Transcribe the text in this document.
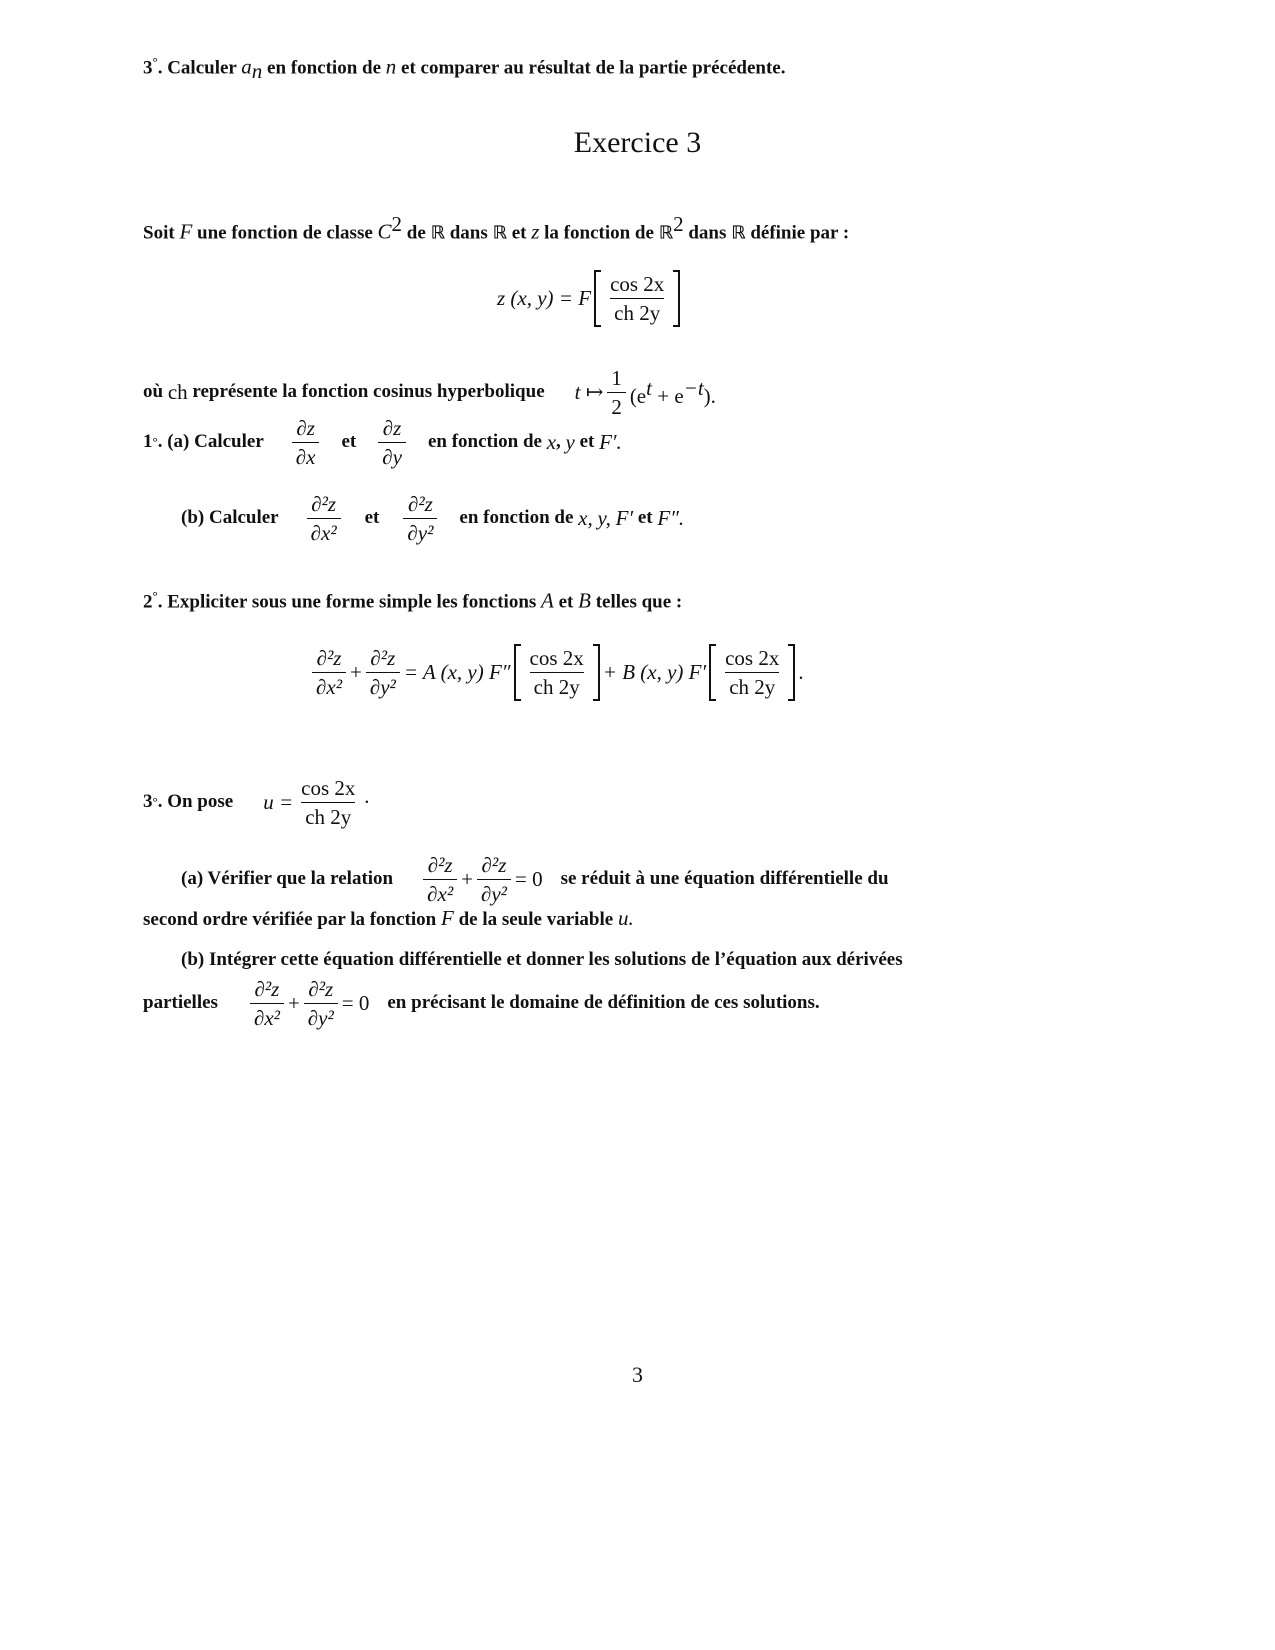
3°. Calculer $a_n$ en fonction de n et comparer au résultat de la partie précédente.
Exercice 3
Soit F une fonction de classe $C^2$ de ℝ dans ℝ et z la fonction de ℝ$^2$ dans ℝ définie par :
z (x, y) = F $\frac{\cos 2x}{ch 2y}$
où
ch
représente la fonction cosinus hyperbolique t ↦ $\frac{1}{2} (e^t + e^{-t})$.
1 ° . (a) Calculer $\frac{\partial z}{\partial x}$ et $\frac{\partial z}{\partial y}$ en fonction de
x ,
y
et
F′.
(b) Calculer $\frac{\text{∂²z}}{\text{∂x²}}$ et $\frac{\text{∂²z}}{\text{∂y²}}$ en fonction de
x,
y,
F′
et
F″.
2°. Expliciter sous une forme simple les fonctions A et B telles que :
$\frac{\text{∂²z}}{\text{∂x²}} + \frac{\text{∂²z}}{\text{∂y²}} = A$ (x, y) $F'' \frac{\cos 2x}{ch 2y} + B$ (x, y) $F' \frac{\cos 2x}{ch 2y}$ .
3 ° . On pose $u = \frac{\cos 2x}{ch 2y}$ ·
(a) Vérifier que la relation $\frac{\text{∂²z}}{\text{∂x²}} + \frac{\text{∂²z}}{\text{∂y²}} = 0$ se réduit à une équation différentielle du
second ordre vérifiée par la fonction F de la seule variable u.
(b) Intégrer cette équation différentielle et donner les solutions de l’équation aux dérivées
partielles $\frac{\text{∂²z}}{\text{∂x²}} + \frac{\text{∂²z}}{\text{∂y²}} = 0$ en précisant le domaine de définition de ces solutions.
3
